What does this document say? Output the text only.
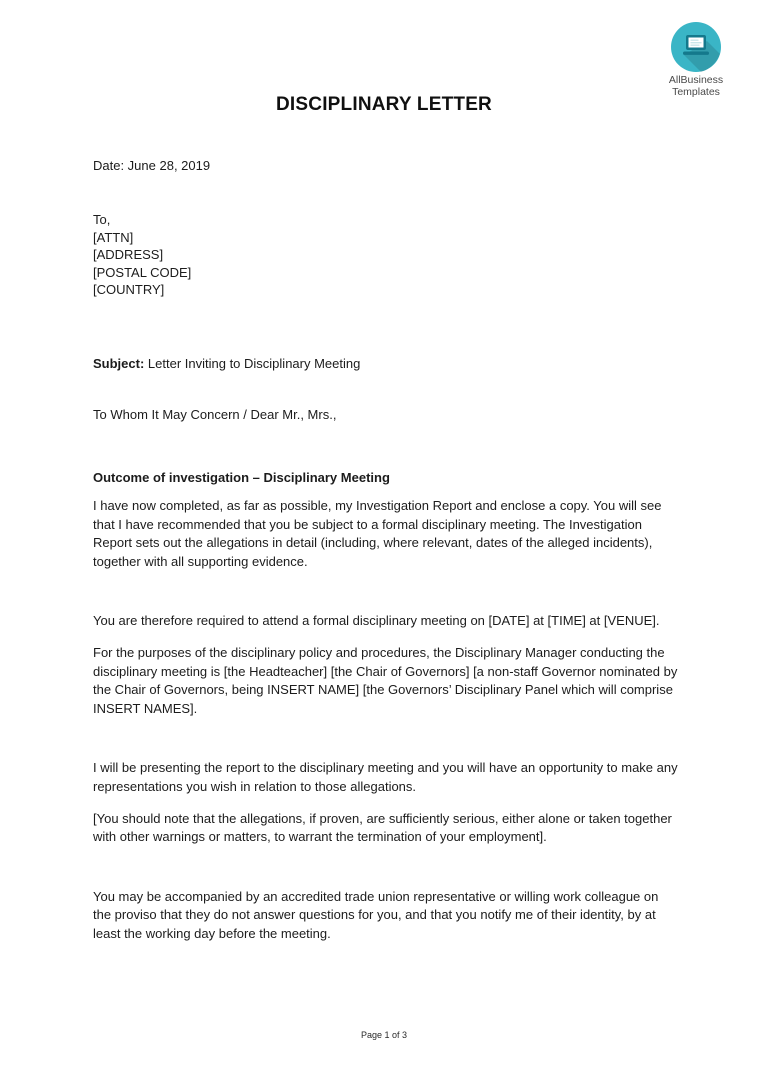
AllBusiness
Templates
DISCIPLINARY LETTER
Date: June 28, 2019
To,
[ATTN]
[ADDRESS]
[POSTAL CODE]
[COUNTRY]
Subject: Letter Inviting to Disciplinary Meeting
To Whom It May Concern / Dear Mr., Mrs.,
Outcome of investigation – Disciplinary Meeting

I have now completed, as far as possible, my Investigation Report and enclose a copy. You will see that I have recommended that you be subject to a formal disciplinary meeting. The Investigation Report sets out the allegations in detail (including, where relevant, dates of the alleged incidents), together with all supporting evidence.

You are therefore required to attend a formal disciplinary meeting on [DATE] at [TIME] at [VENUE].

For the purposes of the disciplinary policy and procedures, the Disciplinary Manager conducting the disciplinary meeting is [the Headteacher] [the Chair of Governors] [a non-staff Governor nominated by the Chair of Governors, being INSERT NAME] [the Governors’ Disciplinary Panel which will comprise INSERT NAMES].

I will be presenting the report to the disciplinary meeting and you will have an opportunity to make any representations you wish in relation to those allegations.

[You should note that the allegations, if proven, are sufficiently serious, either alone or taken together with other warnings or matters, to warrant the termination of your employment].

You may be accompanied by an accredited trade union representative or willing work colleague on the proviso that they do not answer questions for you, and that you notify me of their identity, by at least the working day before the meeting.

Page 1 of 3
